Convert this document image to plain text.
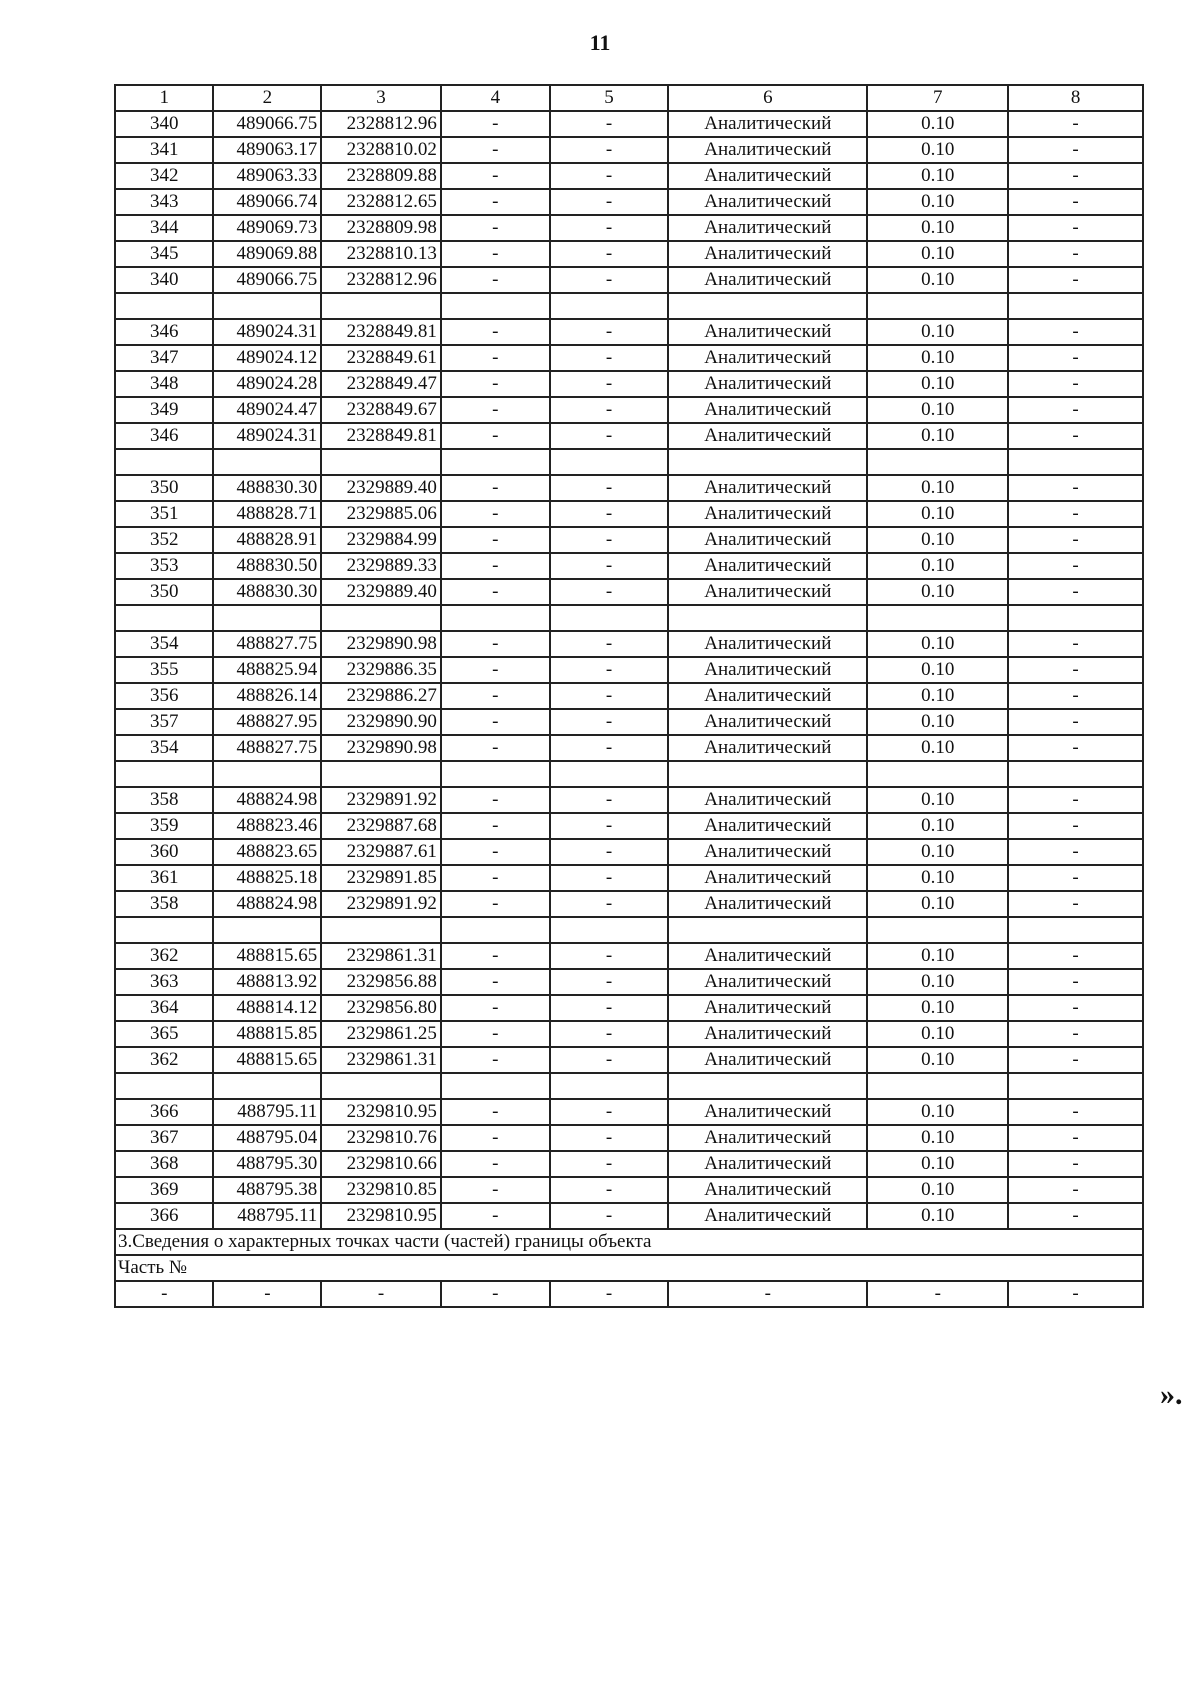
11
1	2	3	4	5	6	7	8
340	489066.75	2328812.96	-	-	Аналитический	0.10	-
341	489063.17	2328810.02	-	-	Аналитический	0.10	-
342	489063.33	2328809.88	-	-	Аналитический	0.10	-
343	489066.74	2328812.65	-	-	Аналитический	0.10	-
344	489069.73	2328809.98	-	-	Аналитический	0.10	-
345	489069.88	2328810.13	-	-	Аналитический	0.10	-
340	489066.75	2328812.96	-	-	Аналитический	0.10	-

346	489024.31	2328849.81	-	-	Аналитический	0.10	-
347	489024.12	2328849.61	-	-	Аналитический	0.10	-
348	489024.28	2328849.47	-	-	Аналитический	0.10	-
349	489024.47	2328849.67	-	-	Аналитический	0.10	-
346	489024.31	2328849.81	-	-	Аналитический	0.10	-

350	488830.30	2329889.40	-	-	Аналитический	0.10	-
351	488828.71	2329885.06	-	-	Аналитический	0.10	-
352	488828.91	2329884.99	-	-	Аналитический	0.10	-
353	488830.50	2329889.33	-	-	Аналитический	0.10	-
350	488830.30	2329889.40	-	-	Аналитический	0.10	-

354	488827.75	2329890.98	-	-	Аналитический	0.10	-
355	488825.94	2329886.35	-	-	Аналитический	0.10	-
356	488826.14	2329886.27	-	-	Аналитический	0.10	-
357	488827.95	2329890.90	-	-	Аналитический	0.10	-
354	488827.75	2329890.98	-	-	Аналитический	0.10	-

358	488824.98	2329891.92	-	-	Аналитический	0.10	-
359	488823.46	2329887.68	-	-	Аналитический	0.10	-
360	488823.65	2329887.61	-	-	Аналитический	0.10	-
361	488825.18	2329891.85	-	-	Аналитический	0.10	-
358	488824.98	2329891.92	-	-	Аналитический	0.10	-

362	488815.65	2329861.31	-	-	Аналитический	0.10	-
363	488813.92	2329856.88	-	-	Аналитический	0.10	-
364	488814.12	2329856.80	-	-	Аналитический	0.10	-
365	488815.85	2329861.25	-	-	Аналитический	0.10	-
362	488815.65	2329861.31	-	-	Аналитический	0.10	-

366	488795.11	2329810.95	-	-	Аналитический	0.10	-
367	488795.04	2329810.76	-	-	Аналитический	0.10	-
368	488795.30	2329810.66	-	-	Аналитический	0.10	-
369	488795.38	2329810.85	-	-	Аналитический	0.10	-
366	488795.11	2329810.95	-	-	Аналитический	0.10	-
3.Сведения о характерных точках части (частей) границы объекта							
Часть №							
-	-	-	-	-	-	-	-
».
